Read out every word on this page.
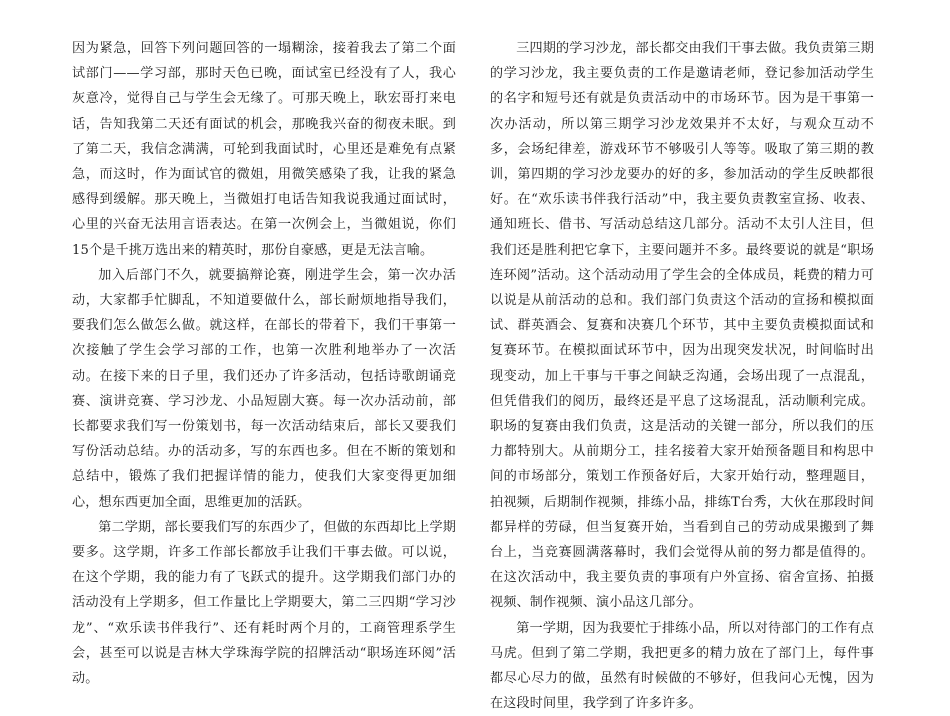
因为紧急，回答下列问题回答的一塌糊涂，接着我去了第二个面试部门——学习部，那时天色已晚，面试室已经没有了人，我心灰意冷，觉得自己与学生会无缘了。可那天晚上，耿宏哥打来电话，告知我第二天还有面试的机会，那晚我兴奋的彻夜未眠。到了第二天，我信念满满，可轮到我面试时，心里还是难免有点紧急，而这时，作为面试官的微姐，用微笑感染了我，让我的紧急感得到缓解。那天晚上，当微姐打电话告知我说我通过面试时，心里的兴奋无法用言语表达。在第一次例会上，当微姐说，你们15个是千挑万选出来的精英时，那份自豪感，更是无法言喻。

加入后部门不久，就要搞辩论赛，刚进学生会，第一次办活动，大家都手忙脚乱，不知道要做什么，部长耐烦地指导我们，要我们怎么做怎么做。就这样，在部长的带着下，我们干事第一次接触了学生会学习部的工作，也第一次胜利地举办了一次活动。在接下来的日子里，我们还办了许多活动，包括诗歌朗诵竞赛、演讲竞赛、学习沙龙、小品短剧大赛。每一次办活动前，部长都要求我们写一份策划书，每一次活动结束后，部长又要我们写份活动总结。办的活动多，写的东西也多。但在不断的策划和总结中，锻炼了我们把握详情的能力，使我们大家变得更加细心，想东西更加全面，思维更加的活跃。

第二学期，部长要我们写的东西少了，但做的东西却比上学期要多。这学期，许多工作部长都放手让我们干事去做。可以说，在这个学期，我的能力有了飞跃式的提升。这学期我们部门办的活动没有上学期多，但工作量比上学期要大，第二三四期“学习沙龙”、“欢乐读书伴我行”、还有耗时两个月的，工商管理系学生会，甚至可以说是吉林大学珠海学院的招牌活动“职场连环阅”活动。

三四期的学习沙龙，部长都交由我们干事去做。我负责第三期的学习沙龙，我主要负责的工作是邀请老师，登记参加活动学生的名字和短号还有就是负责活动中的市场环节。因为是干事第一次办活动，所以第三期学习沙龙效果并不太好，与观众互动不多，会场纪律差，游戏环节不够吸引人等等。吸取了第三期的教训，第四期的学习沙龙要办的好的多，参加活动的学生反映都很好。在“欢乐读书伴我行活动”中，我主要负责教室宣扬、收表、通知班长、借书、写活动总结这几部分。活动不太引人注目，但我们还是胜利把它拿下，主要问题并不多。最终要说的就是“职场连环阅”活动。这个活动动用了学生会的全体成员，耗费的精力可以说是从前活动的总和。我们部门负责这个活动的宣扬和模拟面试、群英酒会、复赛和决赛几个环节，其中主要负责模拟面试和复赛环节。在模拟面试环节中，因为出现突发状况，时间临时出现变动，加上干事与干事之间缺乏沟通，会场出现了一点混乱，但凭借我们的阅历，最终还是平息了这场混乱，活动顺利完成。职场的复赛由我们负责，这是活动的关键一部分，所以我们的压力都特别大。从前期分工，挂名接着大家开始预备题目和构思中间的市场部分，策划工作预备好后，大家开始行动，整理题目，拍视频，后期制作视频，排练小品，排练T台秀，大伙在那段时间都异样的劳碌，但当复赛开始，当看到自己的劳动成果搬到了舞台上，当竞赛圆满落幕时，我们会觉得从前的努力都是值得的。在这次活动中，我主要负责的事项有户外宣扬、宿舍宣扬、拍摄视频、制作视频、演小品这几部分。

第一学期，因为我要忙于排练小品，所以对待部门的工作有点马虎。但到了第二学期，我把更多的精力放在了部门上，每件事都尽心尽力的做，虽然有时候做的不够好，但我问心无愧，因为在这段时间里，我学到了许多许多。
